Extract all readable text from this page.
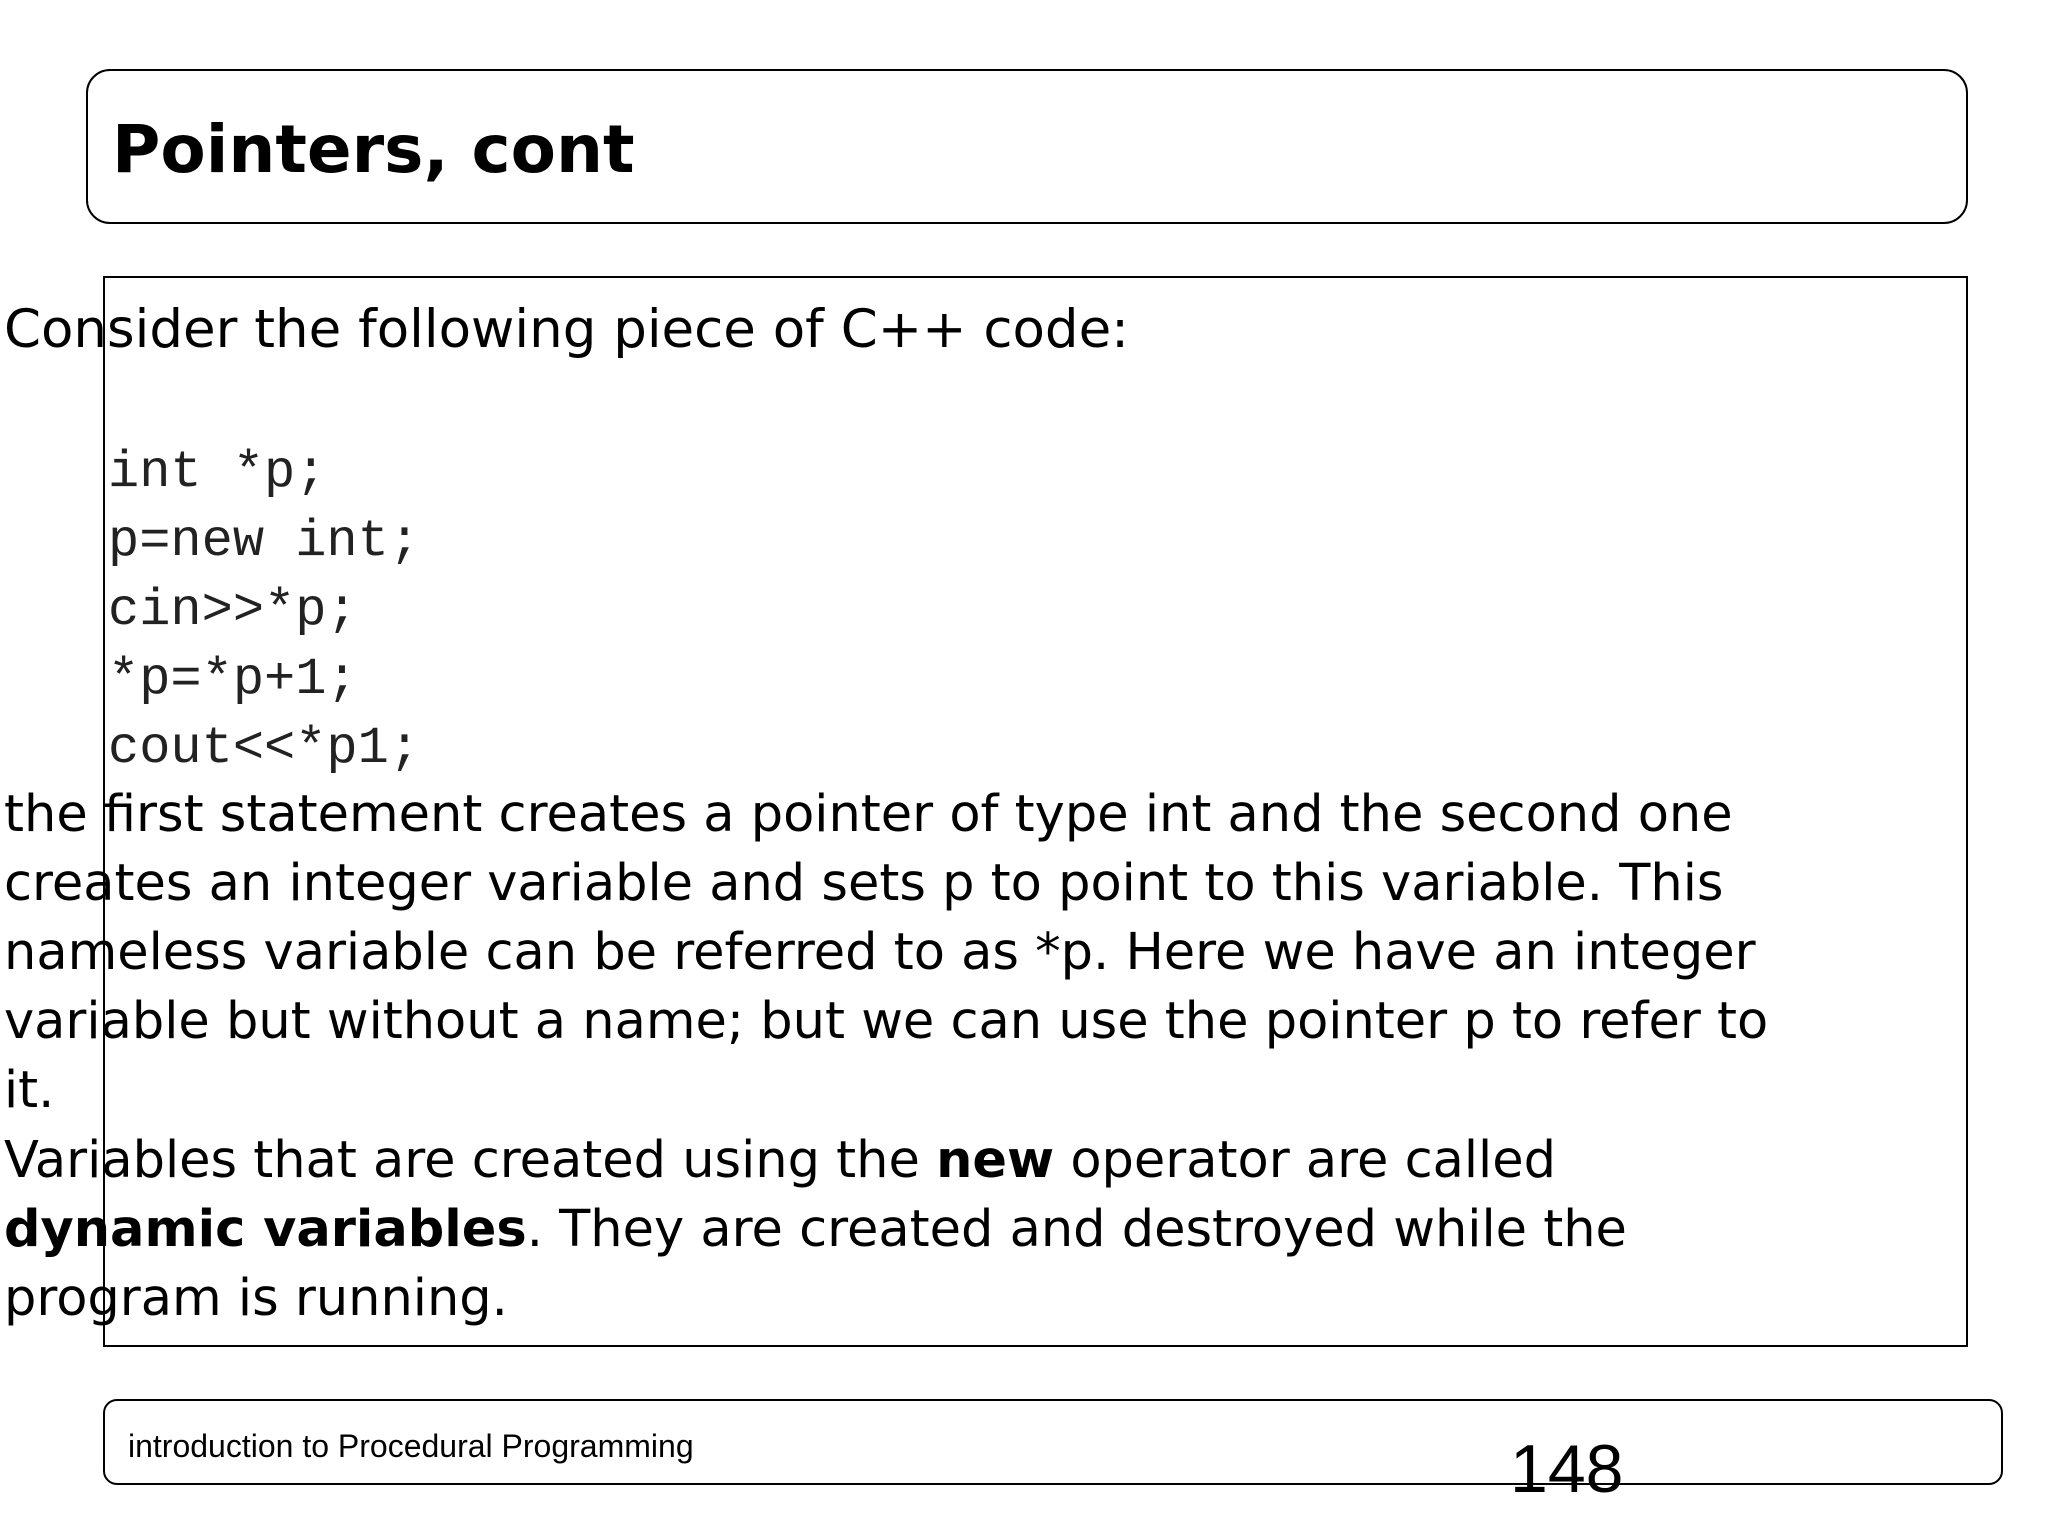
Pointers, cont
Consider the following piece of C++ code:
int *p;
p=new int;
cin>>*p;
*p=*p+1;
cout<<*p1;
the first statement creates a pointer of type int and the second one
creates an integer variable and sets p to point to this variable. This
nameless variable can be referred to as *p. Here we have an integer
variable but without a name; but we can use the pointer p to refer to
it.
Variables that are created using the new operator are called
dynamic variables. They are created and destroyed while the
program is running.
introduction to Procedural Programming	148
